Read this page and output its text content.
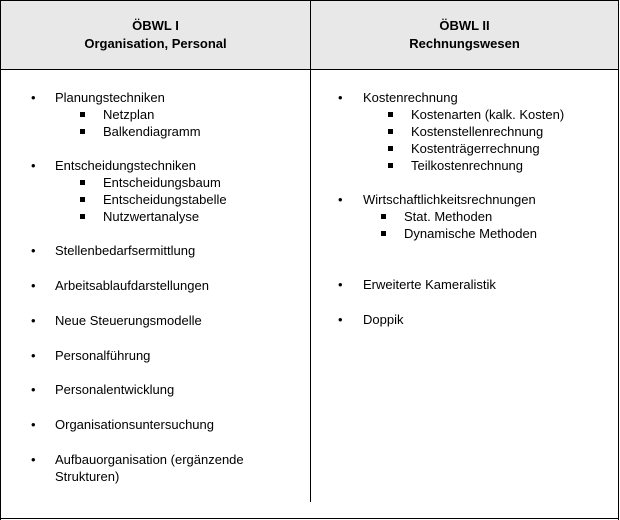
ÖBWL I
Organisation, Personal
ÖBWL II
Rechnungswesen
• Planungstechniken
Netzplan
Balkendiagramm
• Entscheidungstechniken
Entscheidungsbaum
Entscheidungstabelle
Nutzwertanalyse
• Stellenbedarfsermittlung
• Arbeitsablaufdarstellungen
• Neue Steuerungsmodelle
• Personalführung
• Personalentwicklung
• Organisationsuntersuchung
• Aufbauorganisation (ergänzende
Strukturen)
• Kostenrechnung
Kostenarten (kalk. Kosten)
Kostenstellenrechnung
Kostenträgerrechnung
Teilkostenrechnung
• Wirtschaftlichkeitsrechnungen
Stat. Methoden
Dynamische Methoden
• Erweiterte Kameralistik
• Doppik
